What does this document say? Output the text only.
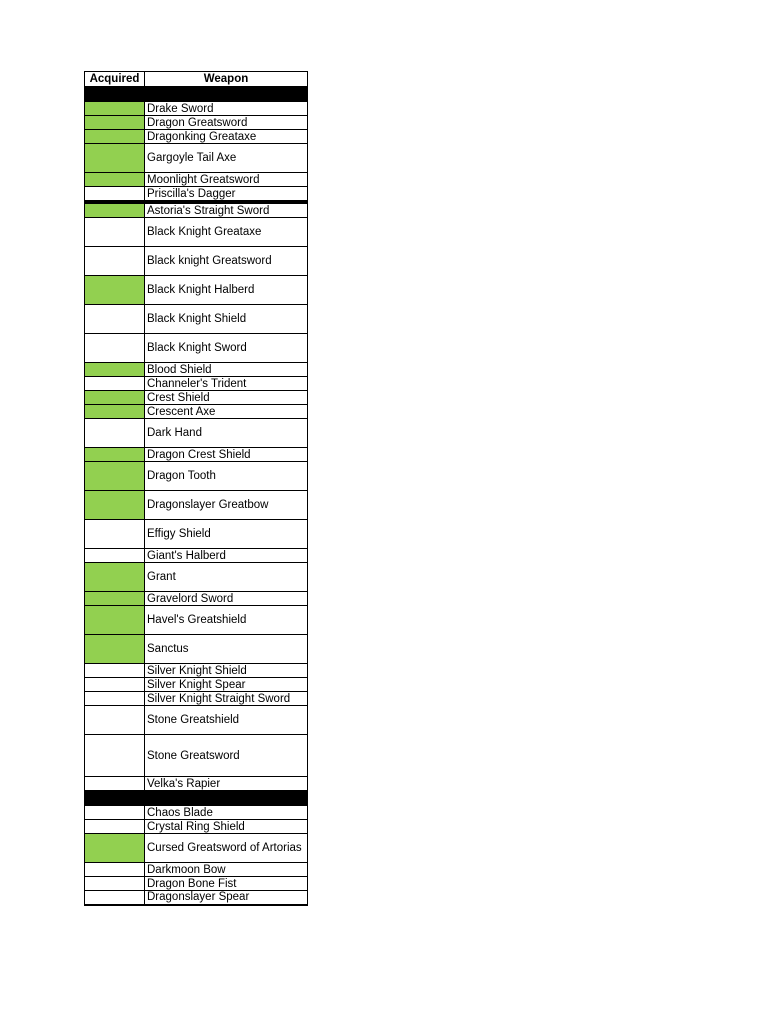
Acquired	Weapon

	Drake Sword
	Dragon Greatsword
	Dragonking Greataxe
	Gargoyle Tail Axe
	Moonlight Greatsword
	Priscilla's Dagger

	Astoria's Straight Sword
	Black Knight Greataxe
	Black knight Greatsword
	Black Knight Halberd
	Black Knight Shield
	Black Knight Sword
	Blood Shield
	Channeler's Trident
	Crest Shield
	Crescent Axe
	Dark Hand
	Dragon Crest Shield
	Dragon Tooth
	Dragonslayer Greatbow
	Effigy Shield
	Giant's Halberd
	Grant
	Gravelord Sword
	Havel's Greatshield
	Sanctus
	Silver Knight Shield
	Silver Knight Spear
	Silver Knight Straight Sword
	Stone Greatshield
	Stone Greatsword
	Velka's Rapier

	Chaos Blade
	Crystal Ring Shield
	Cursed Greatsword of Artorias
	Darkmoon Bow
	Dragon Bone Fist
	Dragonslayer Spear
